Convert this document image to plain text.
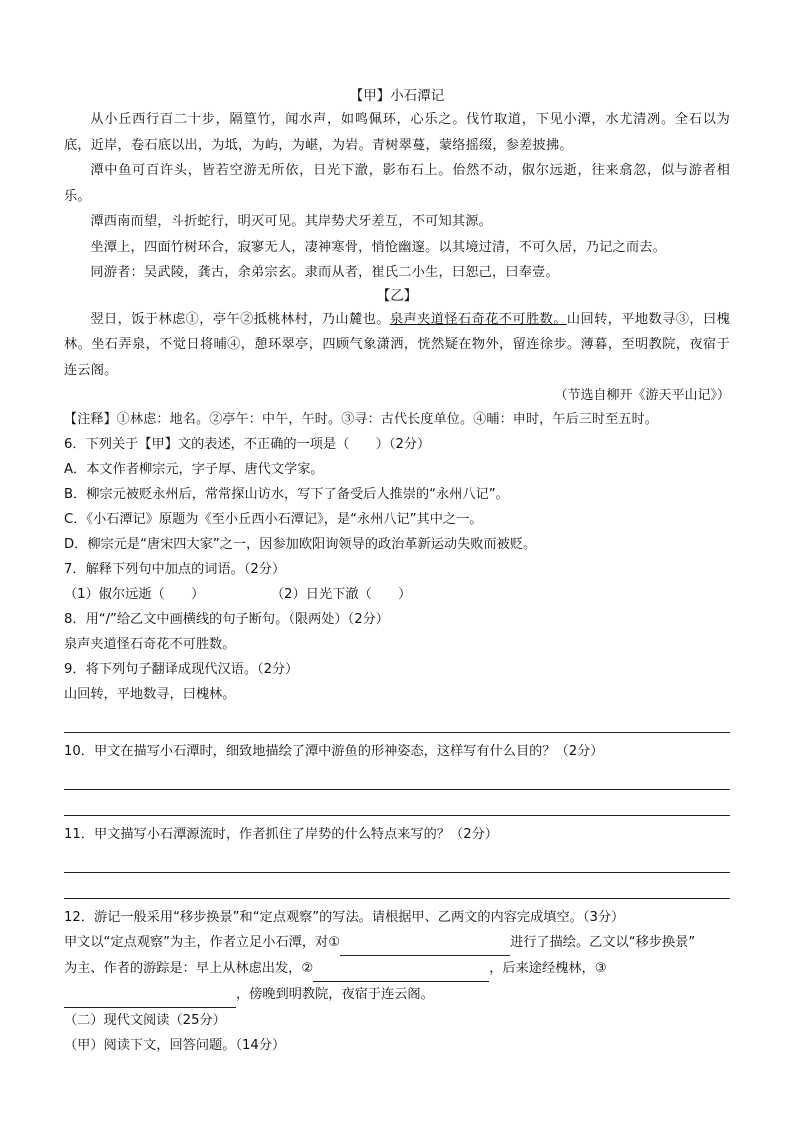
【甲】小石潭记
从小丘西行百二十步，隔篁竹，闻水声，如鸣佩环，心乐之。伐竹取道，下见小潭，水尤清冽。全石以为底，近岸，卷石底以出，为坻，为屿，为嵁，为岩。青树翠蔓，蒙络摇缀，参差披拂。
潭中鱼可百许头，皆若空游无所依，日光下澈，影布石上。佁然不动，俶尔远逝，往来翕忽，似与游者相乐。
潭西南而望，斗折蛇行，明灭可见。其岸势犬牙差互，不可知其源。
坐潭上，四面竹树环合，寂寥无人，凄神寒骨，悄怆幽邃。以其境过清，不可久居，乃记之而去。
同游者：吴武陵，龚古，余弟宗玄。隶而从者，崔氏二小生，曰恕己，曰奉壹。
【乙】
翌日，饭于林虑①，亭午②抵桃林村，乃山麓也。泉声夹道怪石奇花不可胜数。山回转，平地数寻③，曰槐林。坐石弄泉，不觉日将晡④，憩环翠亭，四顾气象潇洒，恍然疑在物外，留连徐步。薄暮，至明教院，夜宿于连云阁。
（节选自柳开《游天平山记》）
【注释】①林虑：地名。②亭午：中午，午时。③寻：古代长度单位。④晡：申时，午后三时至五时。
6．下列关于【甲】文的表述，不正确的一项是（　　）（2分）
A．本文作者柳宗元，字子厚、唐代文学家。
B．柳宗元被贬永州后，常常探山访水，写下了备受后人推崇的“永州八记”。
C．《小石潭记》原题为《至小丘西小石潭记》，是“永州八记”其中之一。
D．柳宗元是“唐宋四大家”之一，因参加欧阳询领导的政治革新运动失败而被贬。
7．解释下列句中加点的词语。（2分）
（1）俶尔远逝（　　）	（2）日光下澈（　　）
8．用“/”给乙文中画横线的句子断句。（限两处）（2分）
泉声夹道怪石奇花不可胜数。
9．将下列句子翻译成现代汉语。（2分）
山回转，平地数寻，曰槐林。
10．甲文在描写小石潭时，细致地描绘了潭中游鱼的形神姿态，这样写有什么目的？（2分）
11．甲文描写小石潭源流时，作者抓住了岸势的什么特点来写的？（2分）
12．游记一般采用“移步换景”和“定点观察”的写法。请根据甲、乙两文的内容完成填空。（3分）
甲文以“定点观察”为主，作者立足小石潭，对①	进行了描绘。乙文以“移步换景”
为主、作者的游踪是：早上从林虑出发，②	，后来途经槐林，③
，傍晚到明教院，夜宿于连云阁。
（二）现代文阅读（25分）
（甲）阅读下文，回答问题。（14分）
